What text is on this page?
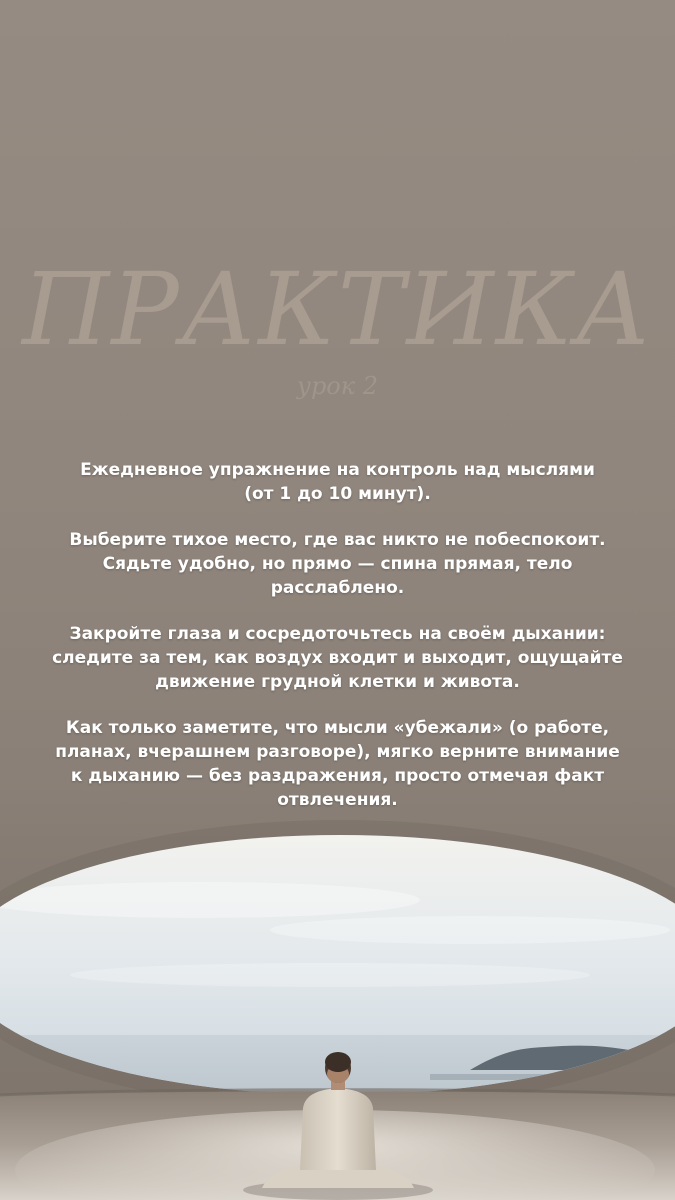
ПРАКТИКА

урок 2

Ежедневное упражнение на контроль над мыслями
(от 1 до 10 минут).

Выберите тихое место, где вас никто не побеспокоит.
Сядьте удобно, но прямо — спина прямая, тело
расслаблено.

Закройте глаза и сосредоточьтесь на своём дыхании:
следите за тем, как воздух входит и выходит, ощущайте
движение грудной клетки и живота.

Как только заметите, что мысли «убежали» (о работе,
планах, вчерашнем разговоре), мягко верните внимание
к дыханию — без раздражения, просто отмечая факт
отвлечения.
